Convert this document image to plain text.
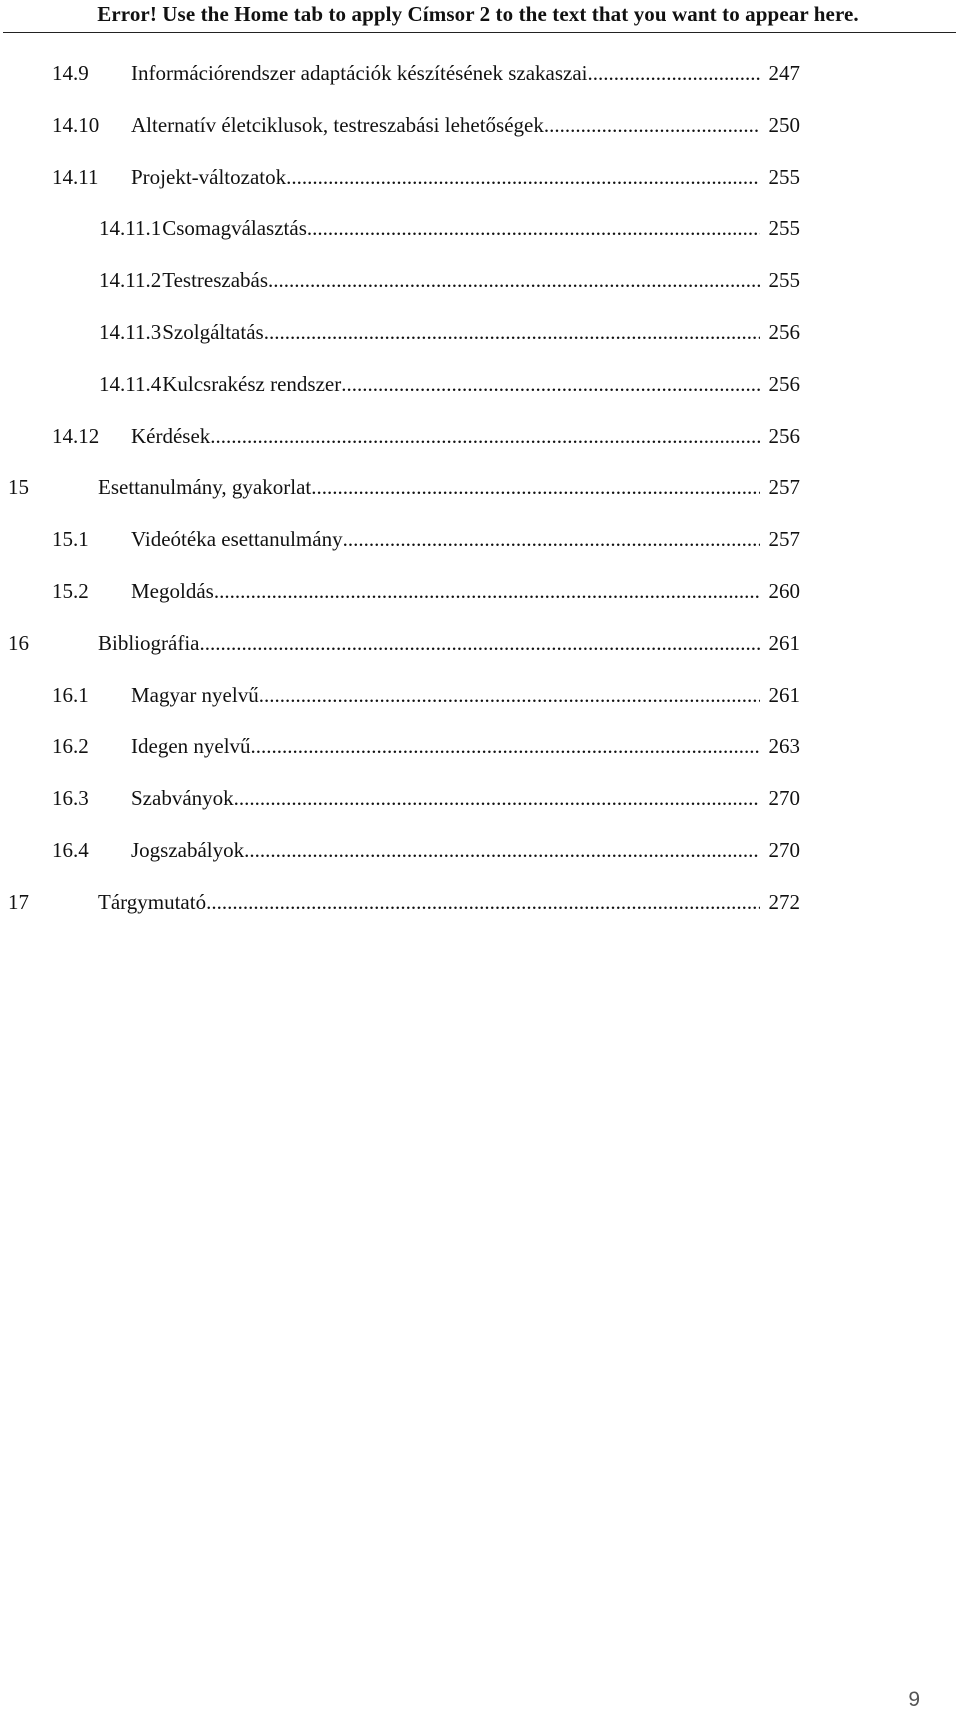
Error! Use the Home tab to apply Címsor 2 to the text that you want to appear here.
14.9 Információrendszer adaptációk készítésének szakaszai .....	247
14.10 Alternatív életciklusok, testreszabási lehetőségek .....	250
14.11 Projekt-változatok .....	255
14.11.1 Csomagválasztás .....	255
14.11.2 Testreszabás .....	255
14.11.3 Szolgáltatás .....	256
14.11.4 Kulcsrakész rendszer .....	256
14.12 Kérdések .....	256
15	Esettanulmány, gyakorlat .....	257
15.1 Videótéka esettanulmány .....	257
15.2 Megoldás .....	260
16	Bibliográfia .....	261
16.1 Magyar nyelvű .....	261
16.2 Idegen nyelvű .....	263
16.3 Szabványok .....	270
16.4 Jogszabályok .....	270
17	Tárgymutató .....	272
9
